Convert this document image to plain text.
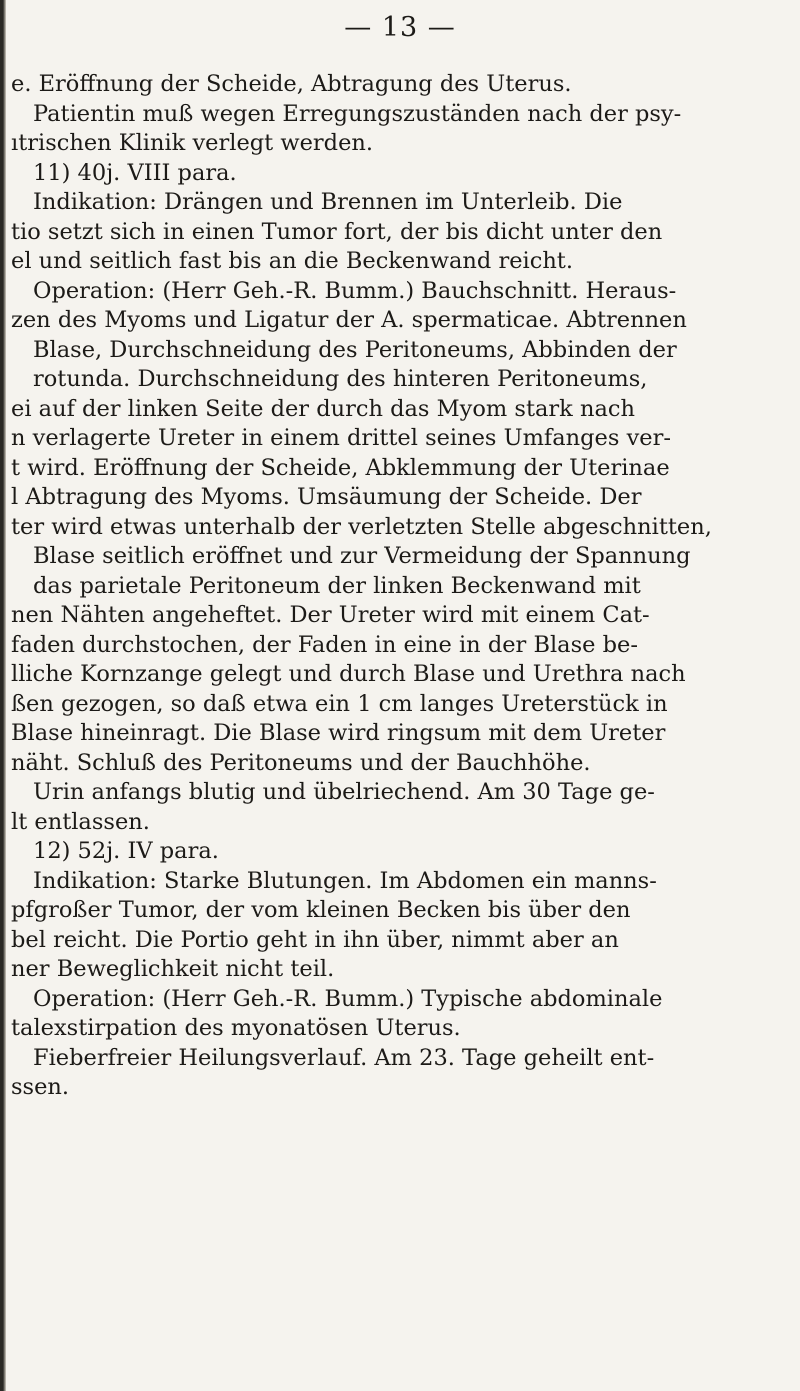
— 13 —
e. Eröffnung der Scheide, Abtragung des Uterus.
Patientin muß wegen Erregungszuständen nach der psy-
ıtrischen Klinik verlegt werden.
11) 40j. VIII para.
Indikation: Drängen und Brennen im Unterleib. Die
tio setzt sich in einen Tumor fort, der bis dicht unter den
el und seitlich fast bis an die Beckenwand reicht.
Operation: (Herr Geh.-R. Bumm.) Bauchschnitt. Heraus-
zen des Myoms und Ligatur der A. spermaticae. Abtrennen
Blase, Durchschneidung des Peritoneums, Abbinden der
rotunda. Durchschneidung des hinteren Peritoneums,
ei auf der linken Seite der durch das Myom stark nach
n verlagerte Ureter in einem drittel seines Umfanges ver-
t wird. Eröffnung der Scheide, Abklemmung der Uterinae
l Abtragung des Myoms. Umsäumung der Scheide. Der
ter wird etwas unterhalb der verletzten Stelle abgeschnitten,
Blase seitlich eröffnet und zur Vermeidung der Spannung
das parietale Peritoneum der linken Beckenwand mit
nen Nähten angeheftet. Der Ureter wird mit einem Cat-
faden durchstochen, der Faden in eine in der Blase be-
lliche Kornzange gelegt und durch Blase und Urethra nach
ßen gezogen, so daß etwa ein 1 cm langes Ureterstück in
Blase hineinragt. Die Blase wird ringsum mit dem Ureter
näht. Schluß des Peritoneums und der Bauchhöhe.
Urin anfangs blutig und übelriechend. Am 30 Tage ge-
lt entlassen.
12) 52j. IV para.
Indikation: Starke Blutungen. Im Abdomen ein manns-
pfgroßer Tumor, der vom kleinen Becken bis über den
bel reicht. Die Portio geht in ihn über, nimmt aber an
ner Beweglichkeit nicht teil.
Operation: (Herr Geh.-R. Bumm.) Typische abdominale
talexstirpation des myonatösen Uterus.
Fieberfreier Heilungsverlauf. Am 23. Tage geheilt ent-
ssen.
